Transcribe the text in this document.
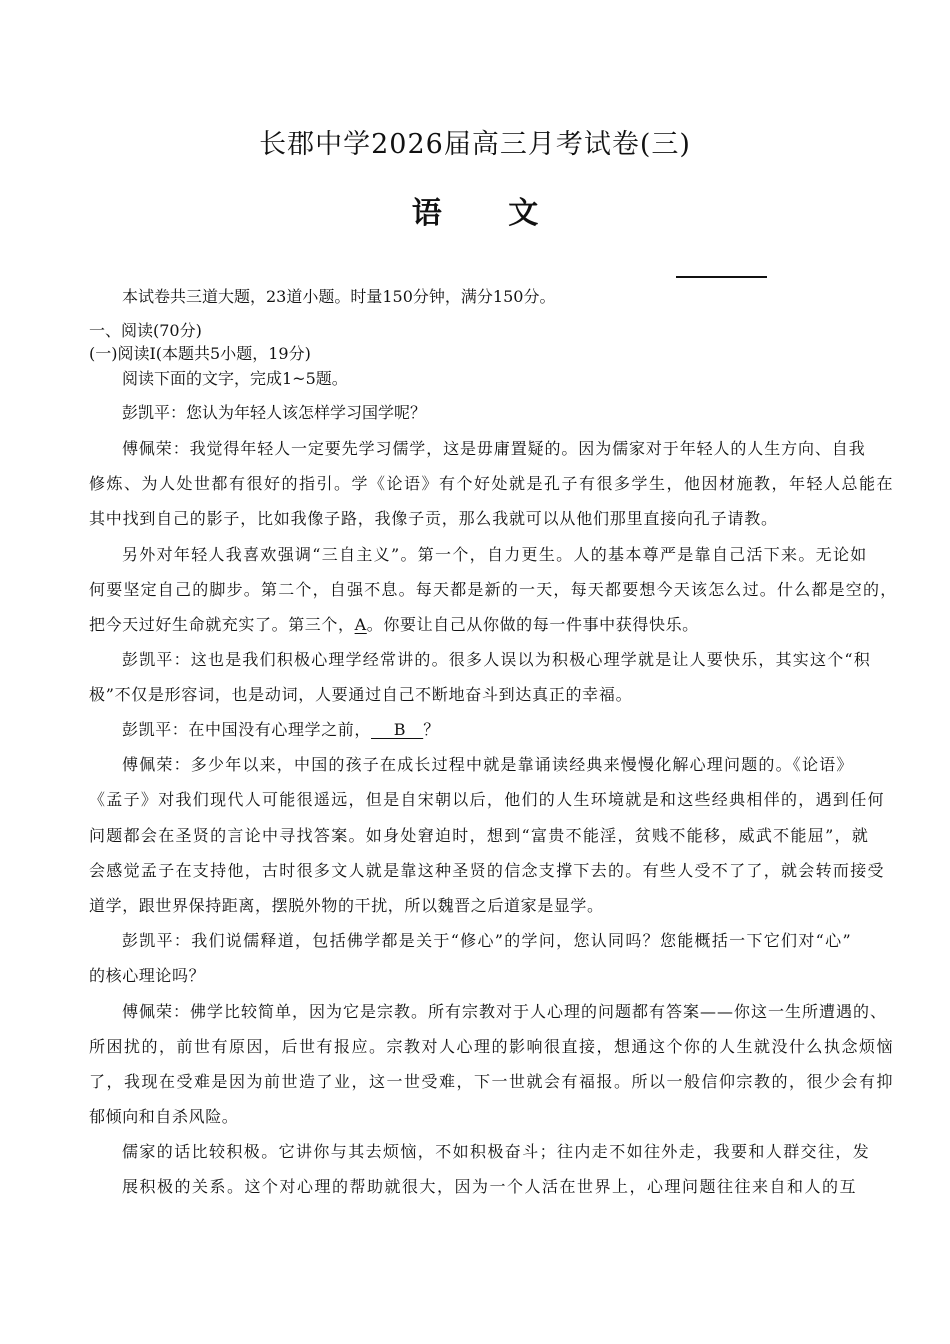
长郡中学2026届高三月考试卷(三)
语 文
本试卷共三道大题，23道小题。时量150分钟，满分150分。
一、阅读(70分)
(一)阅读Ⅰ(本题共5小题，19分)
阅读下面的文字，完成1~5题。
彭凯平：您认为年轻人该怎样学习国学呢？
傅佩荣：我觉得年轻人一定要先学习儒学，这是毋庸置疑的。因为儒家对于年轻人的人生方向、自我
修炼、为人处世都有很好的指引。学《论语》有个好处就是孔子有很多学生，他因材施教，年轻人总能在
其中找到自己的影子，比如我像子路，我像子贡，那么我就可以从他们那里直接向孔子请教。
另外对年轻人我喜欢强调“三自主义”。第一个，自力更生。人的基本尊严是靠自己活下来。无论如
何要坚定自己的脚步。第二个，自强不息。每天都是新的一天，每天都要想今天该怎么过。什么都是空的，
把今天过好生命就充实了。第三个，A。你要让自己从你做的每一件事中获得快乐。
彭凯平：这也是我们积极心理学经常讲的。很多人误以为积极心理学就是让人要快乐，其实这个“积
极”不仅是形容词，也是动词，人要通过自己不断地奋斗到达真正的幸福。
彭凯平：在中国没有心理学之前，    B   ？
傅佩荣：多少年以来，中国的孩子在成长过程中就是靠诵读经典来慢慢化解心理问题的。《论语》
《孟子》对我们现代人可能很遥远，但是自宋朝以后，他们的人生环境就是和这些经典相伴的，遇到任何
问题都会在圣贤的言论中寻找答案。如身处窘迫时，想到“富贵不能淫，贫贱不能移，威武不能屈”，就
会感觉孟子在支持他，古时很多文人就是靠这种圣贤的信念支撑下去的。有些人受不了了，就会转而接受
道学，跟世界保持距离，摆脱外物的干扰，所以魏晋之后道家是显学。
彭凯平：我们说儒释道，包括佛学都是关于“修心”的学问，您认同吗？您能概括一下它们对“心”
的核心理论吗？
傅佩荣：佛学比较简单，因为它是宗教。所有宗教对于人心理的问题都有答案——你这一生所遭遇的、
所困扰的，前世有原因，后世有报应。宗教对人心理的影响很直接，想通这个你的人生就没什么执念烦恼
了，我现在受难是因为前世造了业，这一世受难，下一世就会有福报。所以一般信仰宗教的，很少会有抑
郁倾向和自杀风险。
儒家的话比较积极。它讲你与其去烦恼，不如积极奋斗；往内走不如往外走，我要和人群交往，发
展积极的关系。这个对心理的帮助就很大，因为一个人活在世界上，心理问题往往来自和人的互
